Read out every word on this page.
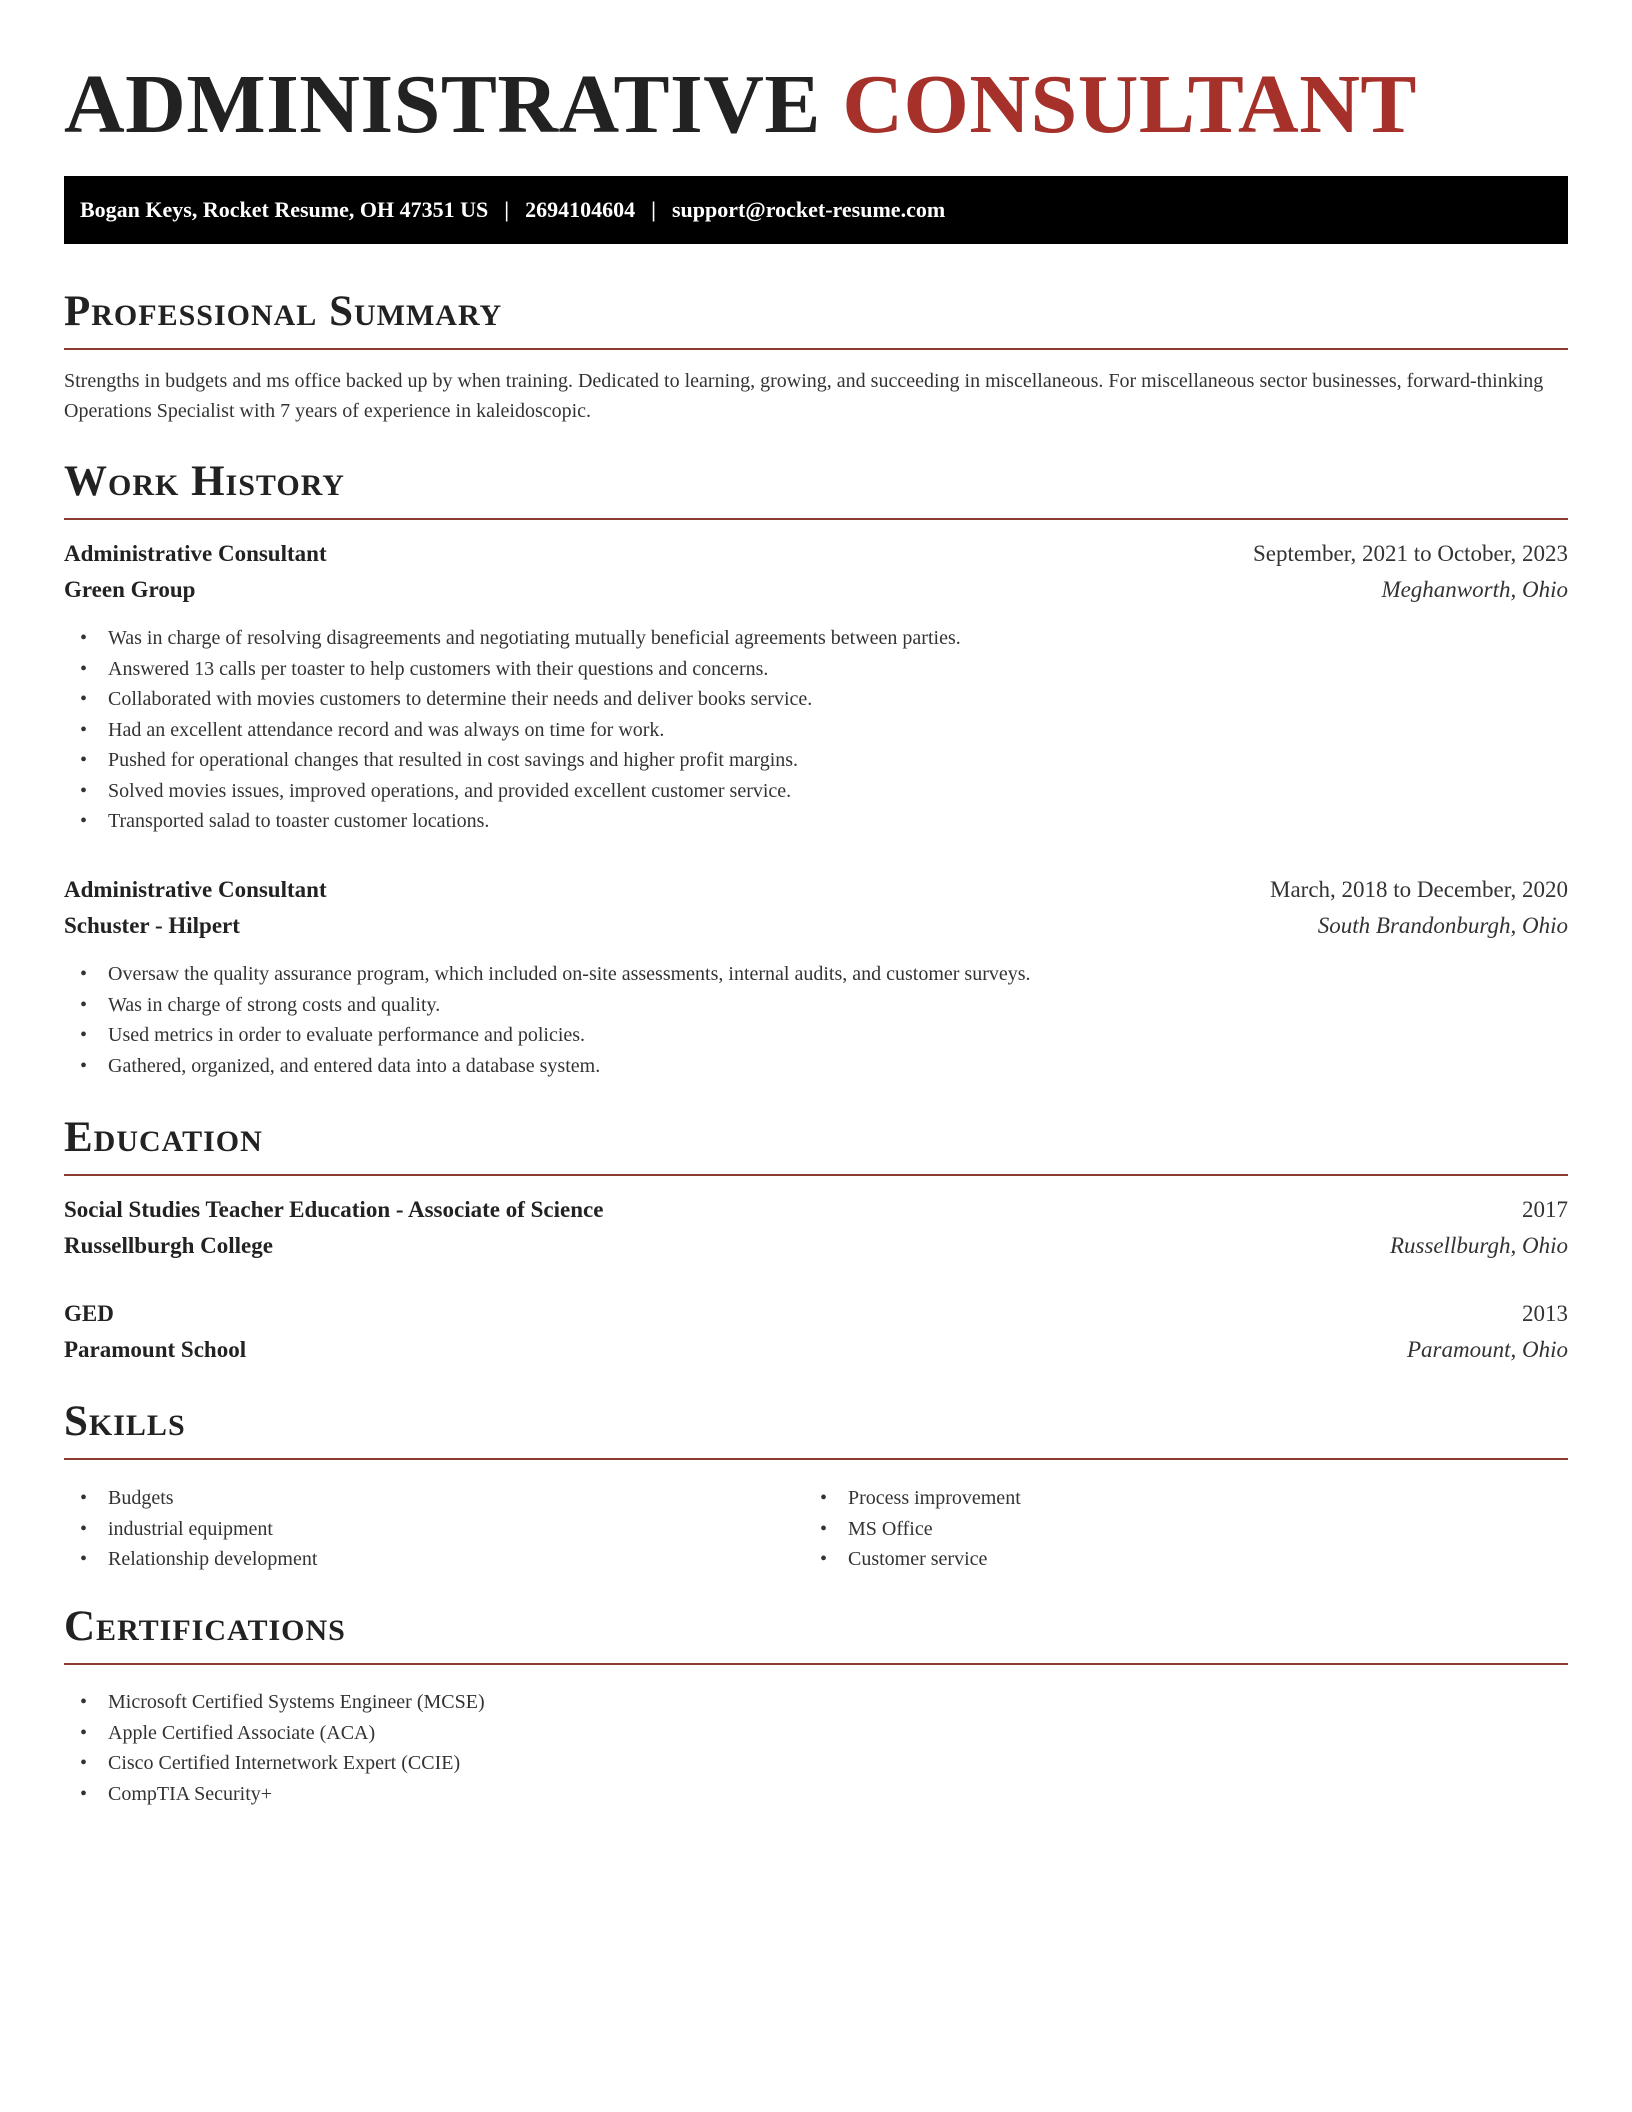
ADMINISTRATIVE CONSULTANT
Bogan Keys, Rocket Resume, OH 47351 US | 2694104604 | support@rocket-resume.com
Professional Summary

Strengths in budgets and ms office backed up by when training. Dedicated to learning, growing, and succeeding in miscellaneous. For miscellaneous sector businesses, forward-thinking Operations Specialist with 7 years of experience in kaleidoscopic.

Work History
Administrative Consultant	September, 2021 to October, 2023
Green Group	Meghanworth, Ohio
• Was in charge of resolving disagreements and negotiating mutually beneficial agreements between parties.
• Answered 13 calls per toaster to help customers with their questions and concerns.
• Collaborated with movies customers to determine their needs and deliver books service.
• Had an excellent attendance record and was always on time for work.
• Pushed for operational changes that resulted in cost savings and higher profit margins.
• Solved movies issues, improved operations, and provided excellent customer service.
• Transported salad to toaster customer locations.
Administrative Consultant	March, 2018 to December, 2020
Schuster - Hilpert	South Brandonburgh, Ohio
• Oversaw the quality assurance program, which included on-site assessments, internal audits, and customer surveys.
• Was in charge of strong costs and quality.
• Used metrics in order to evaluate performance and policies.
• Gathered, organized, and entered data into a database system.
Education
Social Studies Teacher Education - Associate of Science	2017
Russellburgh College	Russellburgh, Ohio
GED	2013
Paramount School	Paramount, Ohio
Skills
• Budgets
• industrial equipment
• Relationship development
• Process improvement
• MS Office
• Customer service
Certifications
• Microsoft Certified Systems Engineer (MCSE)
• Apple Certified Associate (ACA)
• Cisco Certified Internetwork Expert (CCIE)
• CompTIA Security+
